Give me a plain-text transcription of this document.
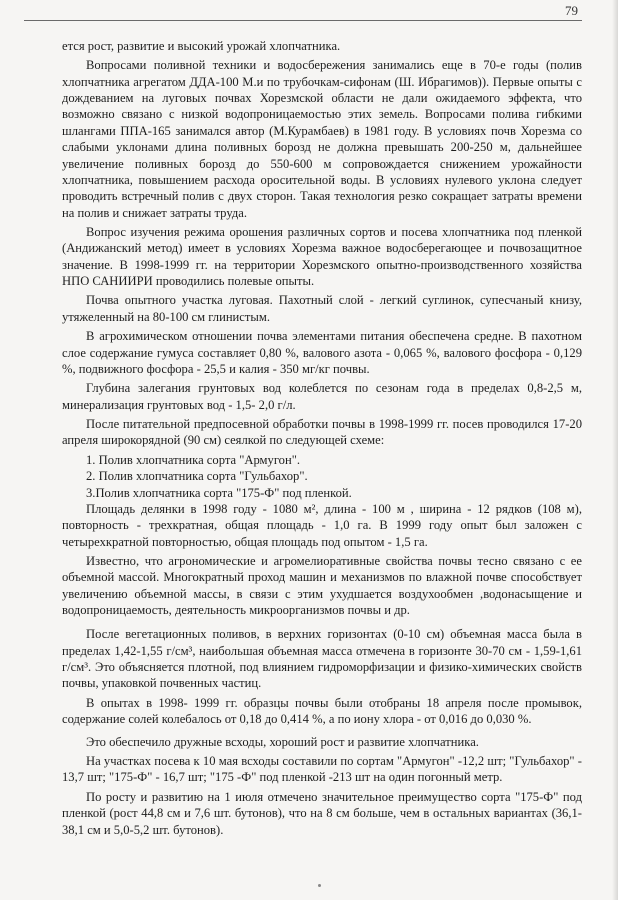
79

ется рост, развитие и высокий урожай хлопчатника.

Вопросами поливной техники и водосбережения занимались еще в 70-е годы (полив хлопчатника агрегатом ДДА-100 М.и по трубочкам-сифонам (Ш. Ибрагимов)). Первые опыты с дождеванием на луговых почвах Хорезмской области не дали ожидаемого эффекта, что возможно связано с низкой водопроницаемостью этих земель. Вопросами полива гибкими шлангами ППА-165 занимался автор (М.Курамбаев) в 1981 году. В условиях почв Хорезма со слабыми уклонами длина поливных борозд не должна превышать 200-250 м, дальнейшее увеличение поливных борозд до 550-600 м сопровождается снижением урожайности хлопчатника, повышением расхода оросительной воды. В условиях нулевого уклона следует проводить встречный полив с двух сторон. Такая технология резко сокращает затраты времени на полив и снижает затраты труда.

Вопрос изучения режима орошения различных сортов и посева хлопчатника под пленкой (Андижанский метод) имеет в условиях Хорезма важное водосберегающее и почвозащитное значение. В 1998-1999 гг. на территории Хорезмского опытно-производственного хозяйства НПО САНИИРИ проводились полевые опыты.

Почва опытного участка луговая. Пахотный слой - легкий суглинок, супесчаный книзу, утяжеленный на 80-100 см глинистым.

В агрохимическом отношении почва элементами питания обеспечена средне. В пахотном слое содержание гумуса составляет 0,80 %, валового азота - 0,065 %, валового фосфора - 0,129 %, подвижного фосфора - 25,5 и калия - 350 мг/кг почвы.

Глубина залегания грунтовых вод колеблется по сезонам года в пределах 0,8-2,5 м, минерализация грунтовых вод - 1,5- 2,0 г/л.

После питательной предпосевной обработки почвы в 1998-1999 гг. посев проводился 17-20 апреля широкорядной (90 см) сеялкой по следующей схеме:

1. Полив хлопчатника сорта "Армугон".

2. Полив хлопчатника сорта "Гульбахор".

3.Полив хлопчатника сорта "175-Ф" под пленкой.

Площадь делянки в 1998 году - 1080 м², длина - 100 м , ширина - 12 рядков (108 м), повторность - трехкратная, общая площадь - 1,0 га. В 1999 году опыт был заложен с четырехкратной повторностью, общая площадь под опытом - 1,5 га.

Известно, что агрономические и агромелиоративные свойства почвы тесно связано с ее объемной массой. Многократный проход машин и механизмов по влажной почве способствует увеличению объемной массы, в связи с этим ухудшается воздухообмен ,водонасыщение и водопроницаемость, деятельность микроорганизмов почвы и др.

После вегетационных поливов, в верхних горизонтах (0-10 см) объемная масса была в пределах 1,42-1,55 г/см³, наибольшая объемная масса отмечена в горизонте 30-70 см - 1,59-1,61 г/см³. Это объясняется плотной, под влиянием гидроморфизации и физико-химических свойств почвы, упаковкой почвенных частиц.

В опытах в 1998- 1999 гг. образцы почвы были отобраны 18 апреля после промывок, содержание солей колебалось от 0,18 до 0,414 %, а по иону хлора - от 0,016 до 0,030 %.

Это обеспечило дружные всходы, хороший рост и развитие хлопчатника.

На участках посева к 10 мая всходы составили по сортам "Армугон" -12,2 шт; "Гульбахор" - 13,7 шт; "175-Ф" - 16,7 шт; "175 -Ф" под пленкой -213 шт на один погонный метр.

По росту и развитию на 1 июля отмечено значительное преимущество сорта "175-Ф" под пленкой (рост 44,8 см и 7,6 шт. бутонов), что на 8 см больше, чем в остальных вариантах (36,1-38,1 см и 5,0-5,2 шт. бутонов).
